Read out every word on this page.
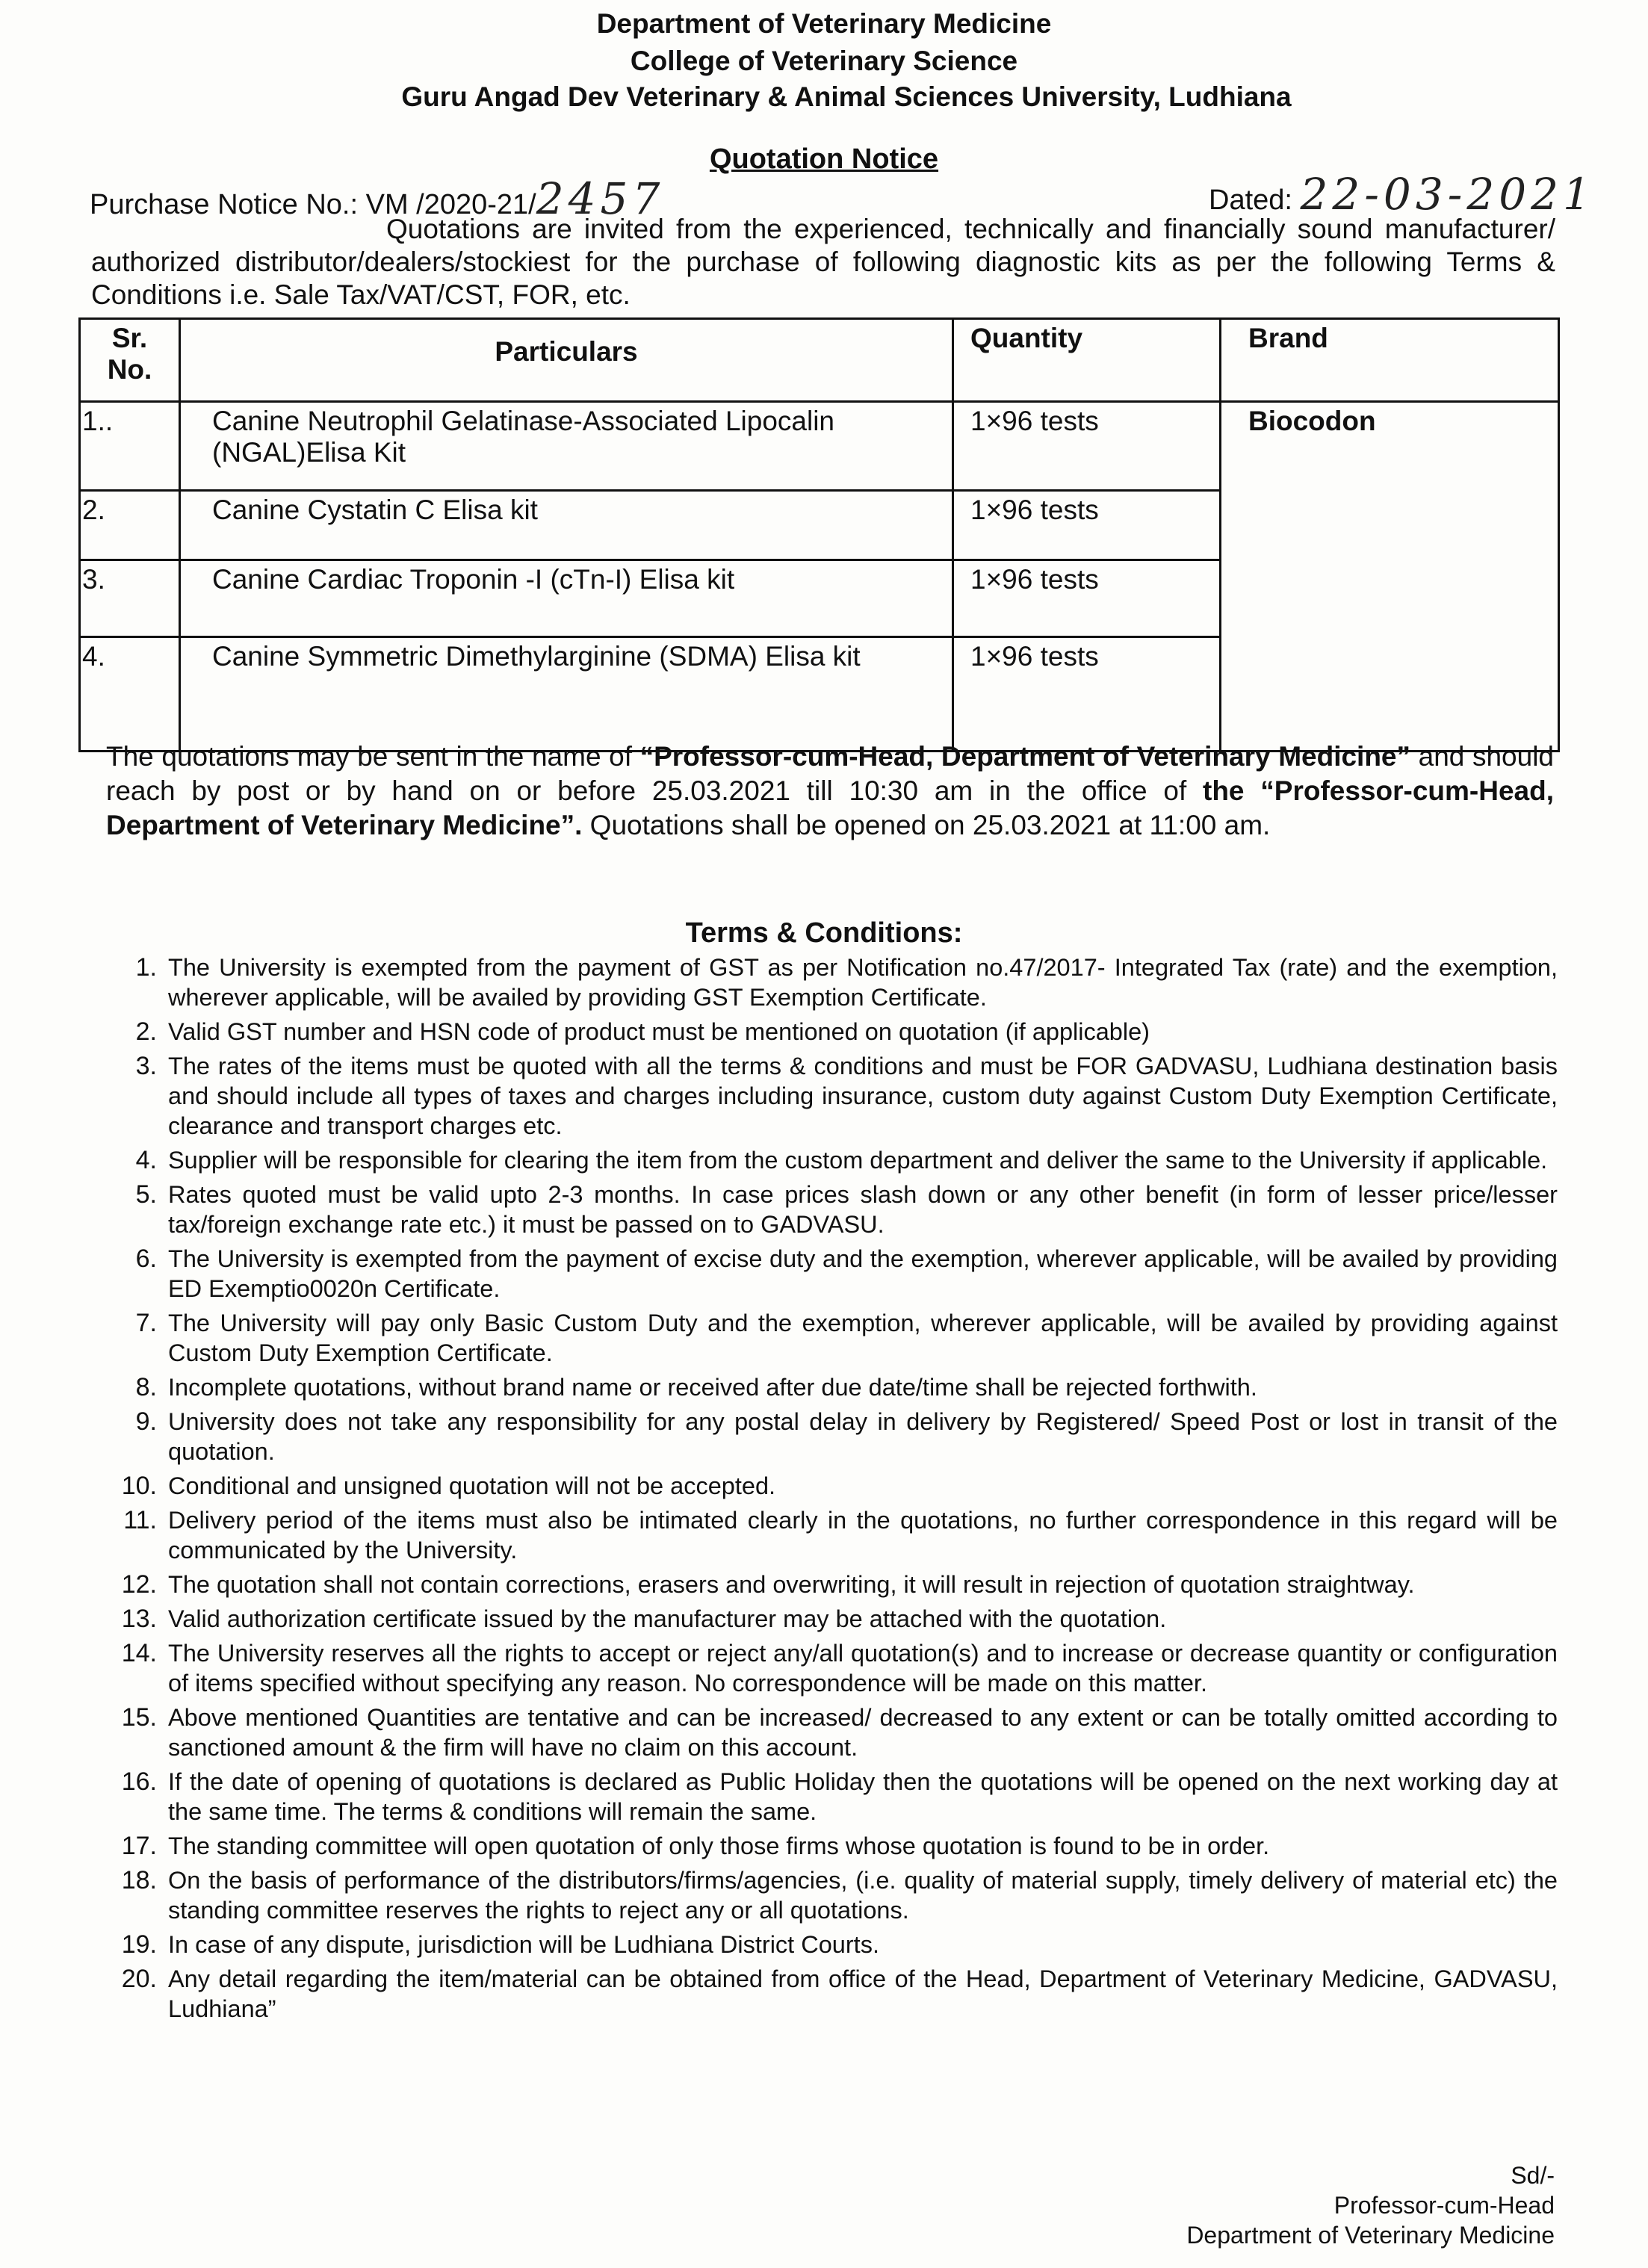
Department of Veterinary Medicine
College of Veterinary Science
Guru Angad Dev Veterinary & Animal Sciences University, Ludhiana
Quotation Notice
Purchase Notice No.: VM /2020-21/2457	Dated: 22-03-2021
Quotations are invited from the experienced, technically and financially sound manufacturer/ authorized distributor/dealers/stockiest for the purchase of following diagnostic kits as per the following Terms & Conditions i.e. Sale Tax/VAT/CST, FOR, etc.
Sr. No.	Particulars	Quantity	Brand
1..	Canine Neutrophil Gelatinase-Associated Lipocalin (NGAL)Elisa Kit	1×96 tests	Biocodon
2.	Canine Cystatin C Elisa kit	1×96 tests	
3.	Canine Cardiac Troponin -I (cTn-I) Elisa kit	1×96 tests	
4.	Canine Symmetric Dimethylarginine (SDMA) Elisa kit	1×96 tests	
The quotations may be sent in the name of “Professor-cum-Head, Department of Veterinary Medicine” and should reach by post or by hand on or before 25.03.2021 till 10:30 am in the office of the “Professor-cum-Head, Department of Veterinary Medicine”. Quotations shall be opened on 25.03.2021 at 11:00 am.
Terms & Conditions:
1. The University is exempted from the payment of GST as per Notification no.47/2017- Integrated Tax (rate) and the exemption, wherever applicable, will be availed by providing GST Exemption Certificate.
2. Valid GST number and HSN code of product must be mentioned on quotation (if applicable)
3. The rates of the items must be quoted with all the terms & conditions and must be FOR GADVASU, Ludhiana destination basis and should include all types of taxes and charges including insurance, custom duty against Custom Duty Exemption Certificate, clearance and transport charges etc.
4. Supplier will be responsible for clearing the item from the custom department and deliver the same to the University if applicable.
5. Rates quoted must be valid upto 2-3 months. In case prices slash down or any other benefit (in form of lesser price/lesser tax/foreign exchange rate etc.) it must be passed on to GADVASU.
6. The University is exempted from the payment of excise duty and the exemption, wherever applicable, will be availed by providing ED Exemptio0020n Certificate.
7. The University will pay only Basic Custom Duty and the exemption, wherever applicable, will be availed by providing against Custom Duty Exemption Certificate.
8. Incomplete quotations, without brand name or received after due date/time shall be rejected forthwith.
9. University does not take any responsibility for any postal delay in delivery by Registered/ Speed Post or lost in transit of the quotation.
10. Conditional and unsigned quotation will not be accepted.
11. Delivery period of the items must also be intimated clearly in the quotations, no further correspondence in this regard will be communicated by the University.
12. The quotation shall not contain corrections, erasers and overwriting, it will result in rejection of quotation straightway.
13. Valid authorization certificate issued by the manufacturer may be attached with the quotation.
14. The University reserves all the rights to accept or reject any/all quotation(s) and to increase or decrease quantity or configuration of items specified without specifying any reason. No correspondence will be made on this matter.
15. Above mentioned Quantities are tentative and can be increased/ decreased to any extent or can be totally omitted according to sanctioned amount & the firm will have no claim on this account.
16. If the date of opening of quotations is declared as Public Holiday then the quotations will be opened on the next working day at the same time. The terms & conditions will remain the same.
17. The standing committee will open quotation of only those firms whose quotation is found to be in order.
18. On the basis of performance of the distributors/firms/agencies, (i.e. quality of material supply, timely delivery of material etc) the standing committee reserves the rights to reject any or all quotations.
19. In case of any dispute, jurisdiction will be Ludhiana District Courts.
20. Any detail regarding the item/material can be obtained from office of the Head, Department of Veterinary Medicine, GADVASU, Ludhiana”
Sd/-
Professor-cum-Head
Department of Veterinary Medicine
